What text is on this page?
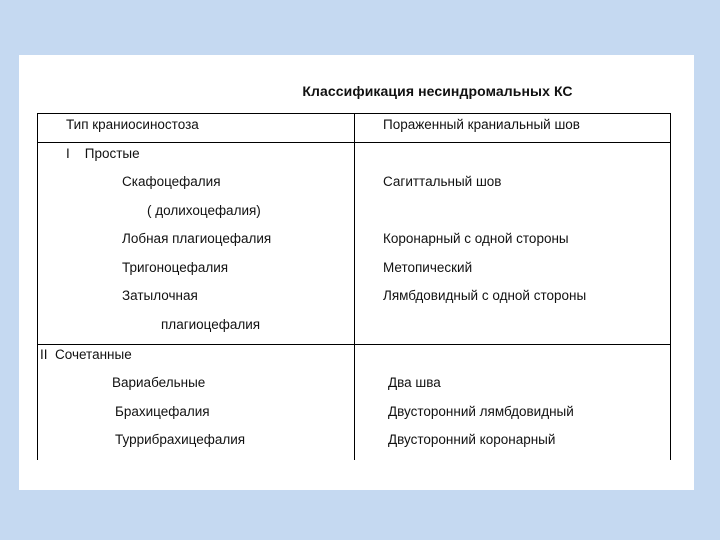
Классификация несиндромальных КС
Тип краниосиностоза	Пораженный краниальный шов
I    Простые
Скафоцефалия	Сагиттальный шов
( долихоцефалия)
Лобная плагиоцефалия	Коронарный с одной стороны
Тригоноцефалия	Метопический
Затылочная	Лямбдовидный с одной стороны
плагиоцефалия
II  Сочетанные
Вариабельные	Два шва
Брахицефалия	Двусторонний лямбдовидный
Туррибрахицефалия	Двусторонний коронарный
